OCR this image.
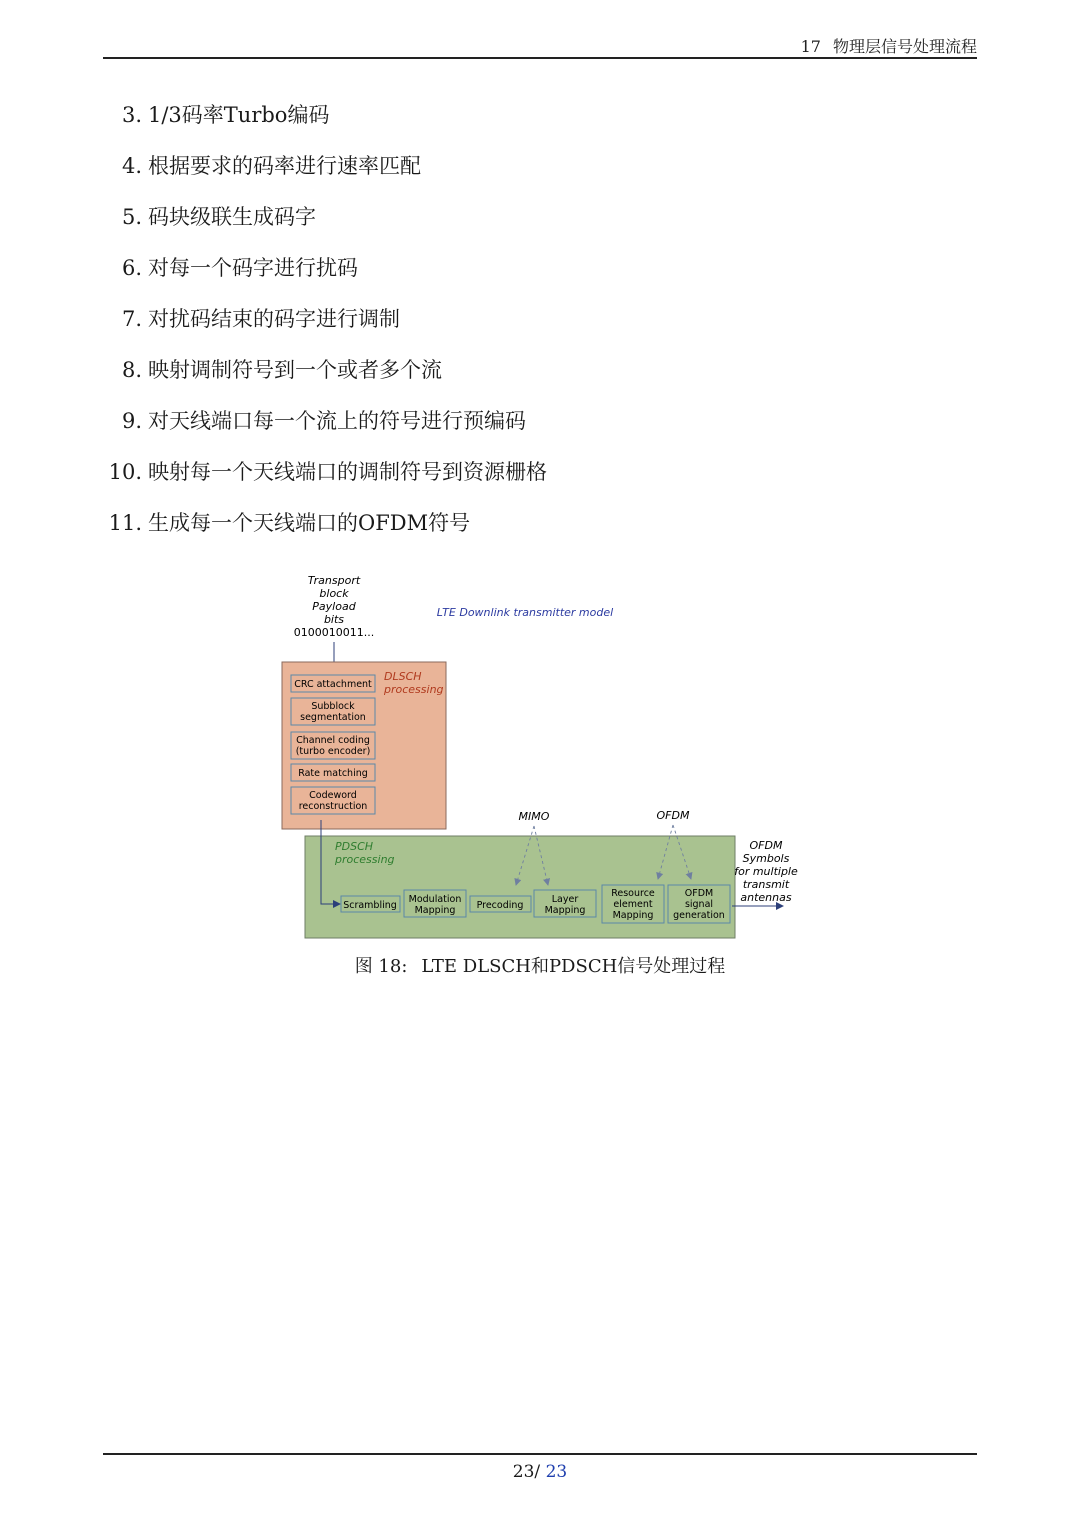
17 物理层信号处理流程
3. 1/3码率Turbo编码
4. 根据要求的码率进行速率匹配
5. 码块级联生成码字
6. 对每一个码字进行扰码
7. 对扰码结束的码字进行调制
8. 映射调制符号到一个或者多个流
9. 对天线端口每一个流上的符号进行预编码
10. 映射每一个天线端口的调制符号到资源栅格
11. 生成每一个天线端口的OFDM符号
Transport
block
Payload
bits
0100010011...
LTE Downlink transmitter model
DLSCH
processing
CRC attachment
Subblock
segmentation
Channel coding
(turbo encoder)
Rate matching
Codeword
reconstruction
PDSCH
processing
Scrambling
Modulation
Mapping Precoding
Layer
Mapping
Resource
element
Mapping
OFDM
signal
generation
MIMO	OFDM
OFDM
Symbols
for multiple
transmit
antennas
图 18: LTE DLSCH和PDSCH信号处理过程
23/ 23
